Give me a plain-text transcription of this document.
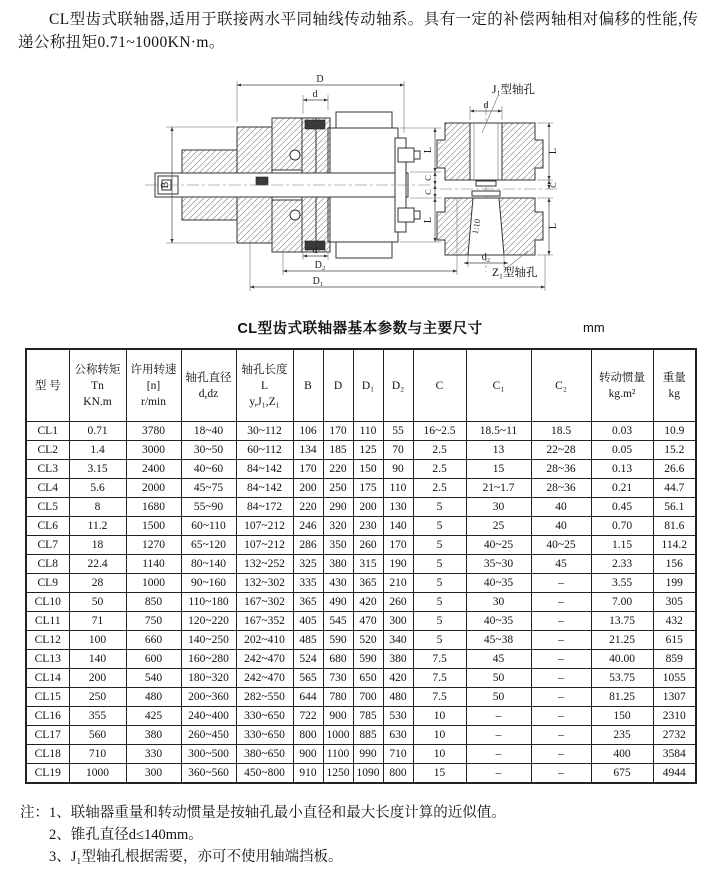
CL型齿式联轴器,适用于联接两水平同轴线传动轴系。具有一定的补偿两轴相对偏移的性能,传递公称扭矩0.71~1000KN·m。
D
d
B
L
C
C
L
d
D₂
D₁
1:10
d
L
C
L
d₂
J₁型轴孔
Z₁型轴孔
CL型齿式联轴器基本参数与主要尺寸	mm
型 号	公称转矩
Tn
KN.m	许用转速
[n]
r/min	轴孔直径
d,dz	轴孔长度
L
y,J₁,Z₁	B	D	D₁	D₂	C	C₁	C₂	转动惯量
kg.m²	重量
kg
CL1	0.71	3780	18~40	30~112	106	170	110	55	16~2.5	18.5~11	18.5	0.03	10.9
CL2	1.4	3000	30~50	60~112	134	185	125	70	2.5	13	22~28	0.05	15.2
CL3	3.15	2400	40~60	84~142	170	220	150	90	2.5	15	28~36	0.13	26.6
CL4	5.6	2000	45~75	84~142	200	250	175	110	2.5	21~1.7	28~36	0.21	44.7
CL5	8	1680	55~90	84~172	220	290	200	130	5	30	40	0.45	56.1
CL6	11.2	1500	60~110	107~212	246	320	230	140	5	25	40	0.70	81.6
CL7	18	1270	65~120	107~212	286	350	260	170	5	40~25	40~25	1.15	114.2
CL8	22.4	1140	80~140	132~252	325	380	315	190	5	35~30	45	2.33	156
CL9	28	1000	90~160	132~302	335	430	365	210	5	40~35	–	3.55	199
CL10	50	850	110~180	167~302	365	490	420	260	5	30	–	7.00	305
CL11	71	750	120~220	167~352	405	545	470	300	5	40~35	–	13.75	432
CL12	100	660	140~250	202~410	485	590	520	340	5	45~38	–	21.25	615
CL13	140	600	160~280	242~470	524	680	590	380	7.5	45	–	40.00	859
CL14	200	540	180~320	242~470	565	730	650	420	7.5	50	–	53.75	1055
CL15	250	480	200~360	282~550	644	780	700	480	7.5	50	–	81.25	1307
CL16	355	425	240~400	330~650	722	900	785	530	10	–	–	150	2310
CL17	560	380	260~450	330~650	800	1000	885	630	10	–	–	235	2732
CL18	710	330	300~500	380~650	900	1100	990	710	10	–	–	400	3584
CL19	1000	300	360~560	450~800	910	1250	1090	800	15	–	–	675	4944
注： 1、联轴器重量和转动惯量是按轴孔最小直径和最大长度计算的近似值。
2、锥孔直径d≤140mm。
3、J₁型轴孔根据需要，亦可不使用轴端挡板。
